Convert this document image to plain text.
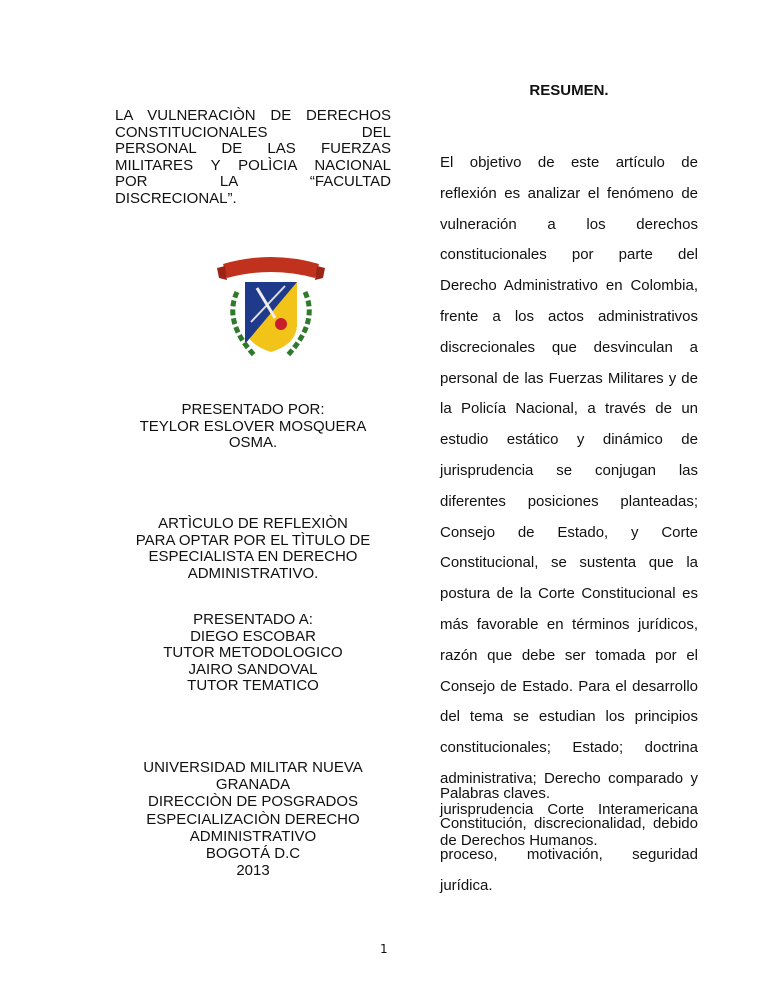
LA VULNERACIÒN DE DERECHOS
CONSTITUCIONALES DEL
PERSONAL DE LAS FUERZAS
MILITARES Y POLÌCIA NACIONAL
POR LA “FACULTAD
DISCRECIONAL”.
PRESENTADO POR:
TEYLOR ESLOVER MOSQUERA
OSMA.
ARTÌCULO DE REFLEXIÒN
PARA OPTAR POR EL TÌTULO DE
ESPECIALISTA EN DERECHO
ADMINISTRATIVO.
PRESENTADO A:
DIEGO ESCOBAR
TUTOR METODOLOGICO
JAIRO SANDOVAL
TUTOR TEMATICO
UNIVERSIDAD MILITAR NUEVA
GRANADA
DIRECCIÒN DE POSGRADOS
ESPECIALIZACIÒN DERECHO
ADMINISTRATIVO
BOGOTÁ D.C
2013
RESUMEN.
El objetivo de este artículo de
reflexión es analizar el fenómeno de
vulneración a los derechos
constitucionales por parte del
Derecho Administrativo en Colombia,
frente a los actos administrativos
discrecionales que desvinculan a
personal de las Fuerzas Militares y de
la Policía Nacional, a través de un
estudio estático y dinámico de
jurisprudencia se conjugan las
diferentes posiciones planteadas;
Consejo de Estado, y Corte
Constitucional, se sustenta que la
postura de la Corte Constitucional es
más favorable en términos jurídicos,
razón que debe ser tomada por el
Consejo de Estado. Para el desarrollo
del tema se estudian los principios
constitucionales; Estado; doctrina
administrativa; Derecho comparado y
jurisprudencia Corte Interamericana
de Derechos Humanos.
Palabras claves.
Constitución, discrecionalidad, debido
proceso, motivación, seguridad
jurídica.
1
